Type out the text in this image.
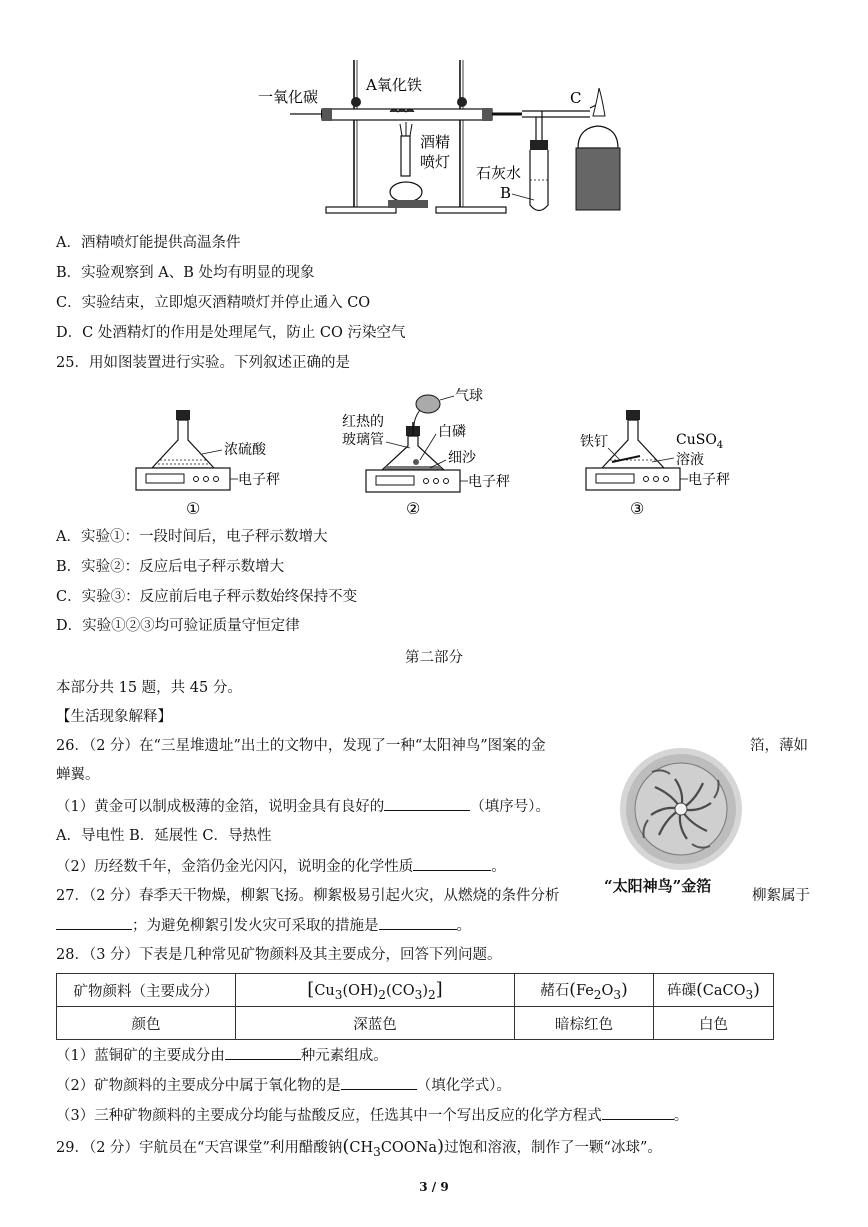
一氧化碳
A氧化铁
酒精
喷灯
石灰水
B
C
A．酒精喷灯能提供高温条件
B．实验观察到 A、B 处均有明显的现象
C．实验结束，立即熄灭酒精喷灯并停止通入 CO
D．C 处酒精灯的作用是处理尾气，防止 CO 污染空气
25．用如图装置进行实验。下列叙述正确的是
浓硫酸
电子秤
①
气球
红热的
玻璃管	白磷
细沙
电子秤
②
铁钉	CuSO$_4$
溶液
电子秤
③
A．实验①：一段时间后，电子秤示数增大
B．实验②：反应后电子秤示数增大
C．实验③：反应前后电子秤示数始终保持不变
D．实验①②③均可验证质量守恒定律
第二部分
本部分共 15 题，共 45 分。
【生活现象解释】
26．（2 分）在“三星堆遗址”出土的文物中，发现了一种“太阳神鸟”图案的金	箔，薄如
蝉翼。
（1）黄金可以制成极薄的金箔，说明金具有良好的	（填序号）。
A．导电性 B．延展性 C．导热性
（2）历经数千年，金箔仍金光闪闪，说明金的化学性质	。
“太阳神鸟”金箔
27．（2 分）春季天干物燥，柳絮飞扬。柳絮极易引起火灾，从燃烧的条件分析	柳絮属于
；为避免柳絮引发火灾可采取的措施是	。
28．（3 分）下表是几种常见矿物颜料及其主要成分，回答下列问题。
矿物颜料（主要成分）	$[Cu_3(OH)_2(CO_3)_2]$	赭石$(Fe_2O_3)$	砗磲(CaCO$_3$)
颜色	深蓝色	暗棕红色	白色
（1）蓝铜矿的主要成分由	种元素组成。
（2）矿物颜料的主要成分中属于氧化物的是	（填化学式）。
（3）三种矿物颜料的主要成分均能与盐酸反应，任选其中一个写出反应的化学方程式	。
29．（2 分）宇航员在“天宫课堂”利用醋酸钠$(CH_3COONa)$过饱和溶液，制作了一颗“冰球”。
3 / 9
